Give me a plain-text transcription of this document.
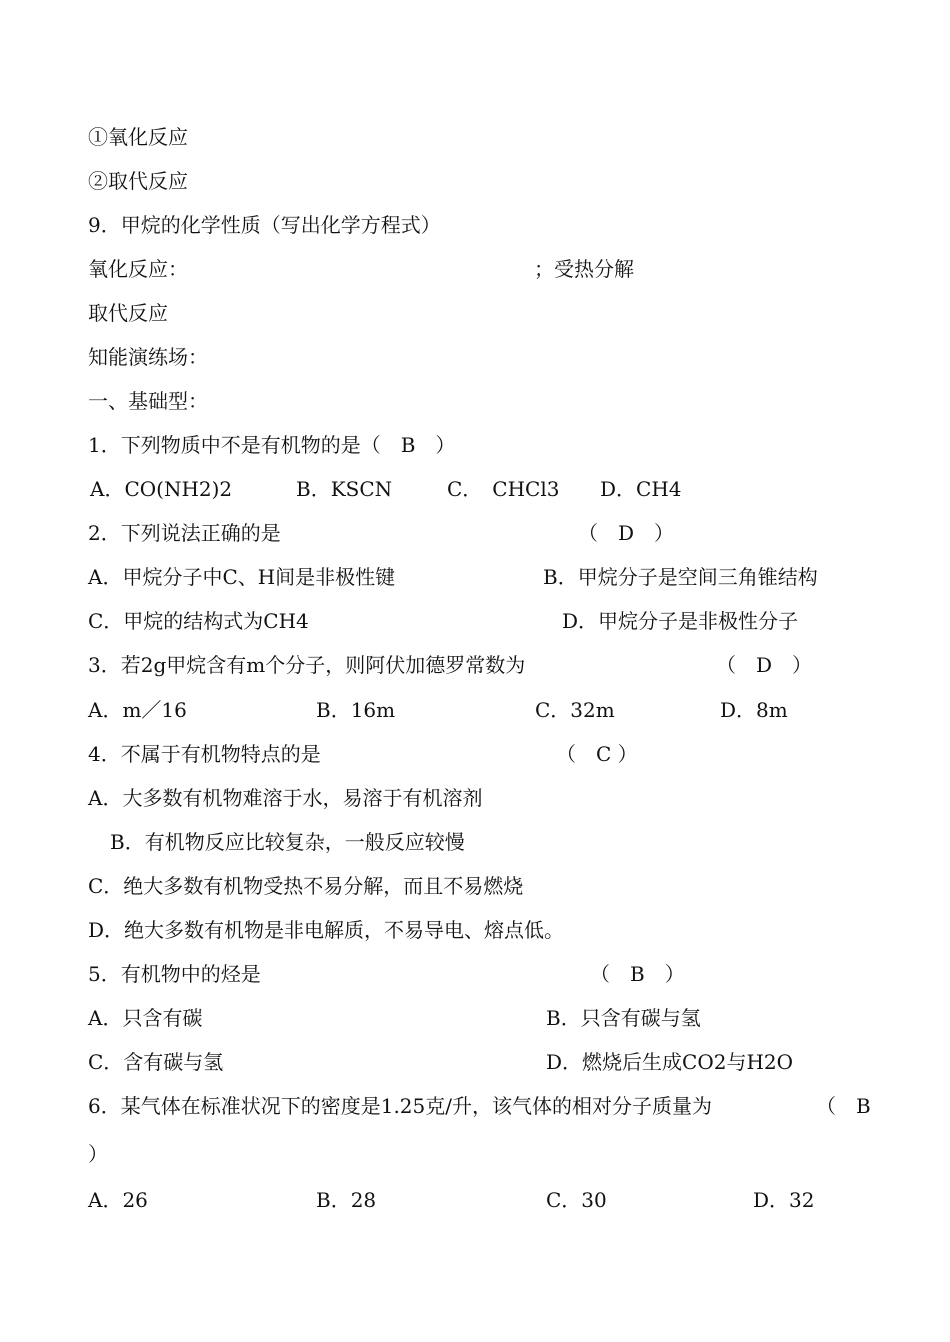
①氧化反应
②取代反应
9．甲烷的化学性质（写出化学方程式）
氧化反应：	；受热分解
取代反应
知能演练场：
一、基础型：
1．下列物质中不是有机物的是（　B　）
A．CO(NH2)2	B．KSCN	C．　CHCl3 D．CH4
2．下列说法正确的是	（　D　）
A．甲烷分子中C、H间是非极性键	B．甲烷分子是空间三角锥结构
C．甲烷的结构式为CH4	D．甲烷分子是非极性分子
3．若2g甲烷含有m个分子，则阿伏加德罗常数为	（　D　）
A．m／16	B．16m	C．32m	D．8m
4．不属于有机物特点的是	（　C ）
A．大多数有机物难溶于水，易溶于有机溶剂
B．有机物反应比较复杂，一般反应较慢
C．绝大多数有机物受热不易分解，而且不易燃烧
D．绝大多数有机物是非电解质，不易导电、熔点低。
5．有机物中的烃是	（　B　）
A．只含有碳	B．只含有碳与氢
C．含有碳与氢	D．燃烧后生成CO2与H2O
6．某气体在标准状况下的密度是1.25克/升，该气体的相对分子质量为	（　B
）
A．26	B．28	C．30	D．32
